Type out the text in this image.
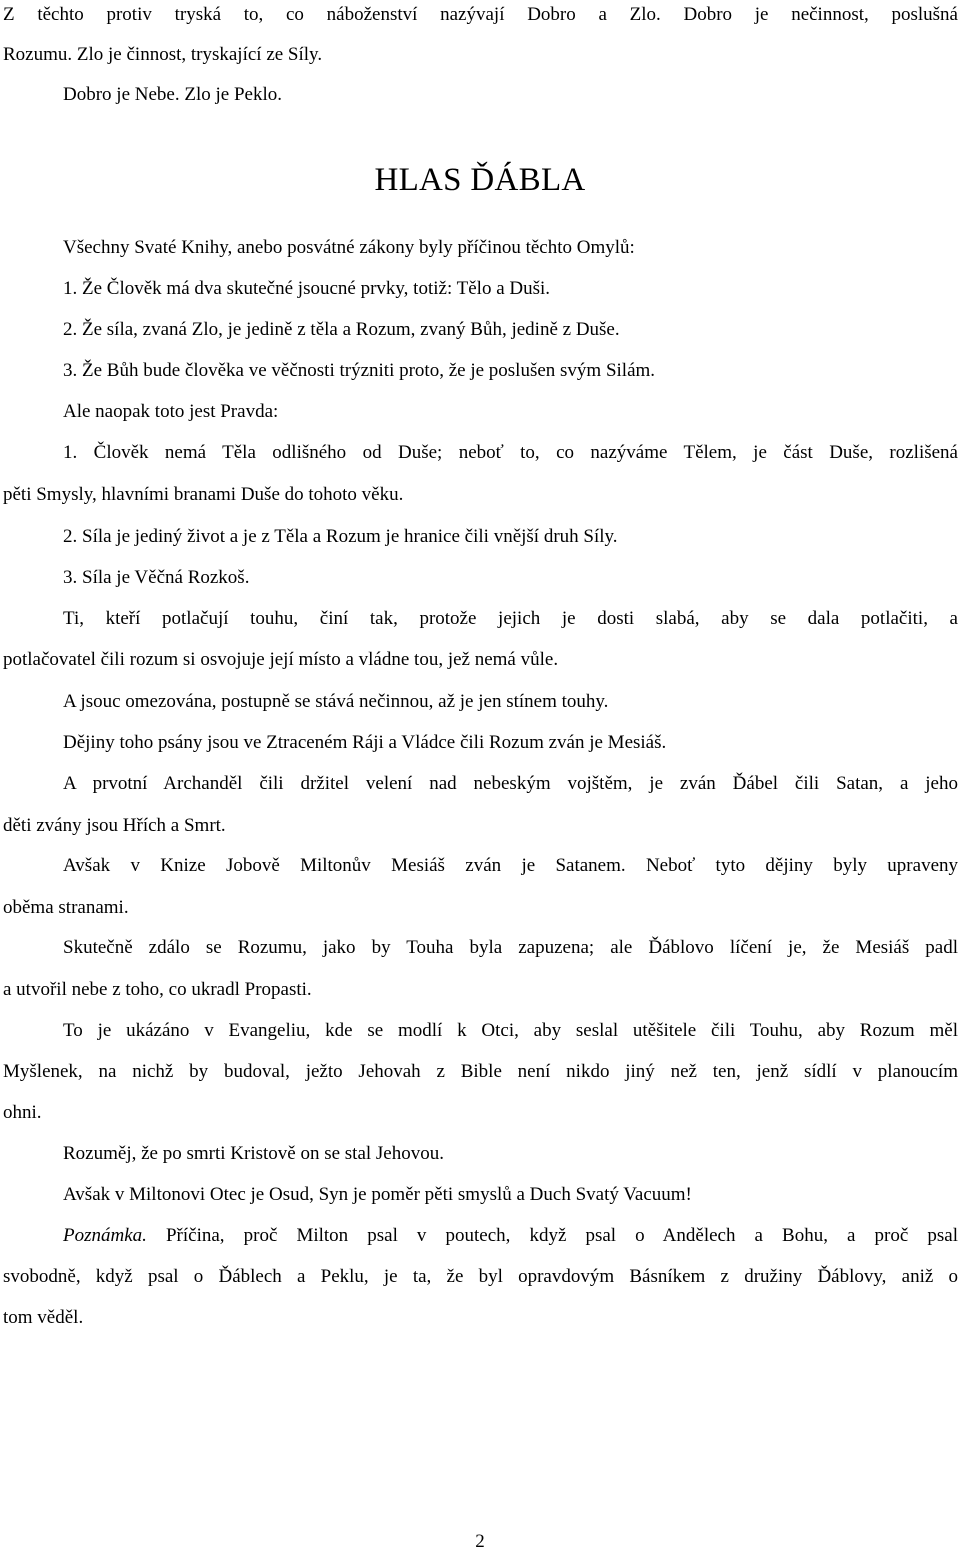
Z těchto protiv tryská to, co náboženství nazývají Dobro a Zlo. Dobro je nečinnost, poslušná
Rozumu. Zlo je činnost, tryskající ze Síly.
Dobro je Nebe. Zlo je Peklo.
HLAS ĎÁBLA
Všechny Svaté Knihy, anebo posvátné zákony byly příčinou těchto Omylů:
1. Že Člověk má dva skutečné jsoucné prvky, totiž: Tělo a Duši.
2. Že síla, zvaná Zlo, je jedině z těla a Rozum, zvaný Bůh, jedině z Duše.
3. Že Bůh bude člověka ve věčnosti trýzniti proto, že je poslušen svým Silám.
Ale naopak toto jest Pravda:
1. Člověk nemá Těla odlišného od Duše; neboť to, co nazýváme Tělem, je část Duše, rozlišená
pěti Smysly, hlavními branami Duše do tohoto věku.
2. Síla je jediný život a je z Těla a Rozum je hranice čili vnější druh Síly.
3. Síla je Věčná Rozkoš.
Ti, kteří potlačují touhu, činí tak, protože jejich je dosti slabá, aby se dala potlačiti, a
potlačovatel čili rozum si osvojuje její místo a vládne tou, jež nemá vůle.
A jsouc omezována, postupně se stává nečinnou, až je jen stínem touhy.
Dějiny toho psány jsou ve Ztraceném Ráji a Vládce čili Rozum zván je Mesiáš.
A prvotní Archanděl čili držitel velení nad nebeským vojštěm, je zván Ďábel čili Satan, a jeho
děti zvány jsou Hřích a Smrt.
Avšak v Knize Jobově Miltonův Mesiáš zván je Satanem. Neboť tyto dějiny byly upraveny
oběma stranami.
Skutečně zdálo se Rozumu, jako by Touha byla zapuzena; ale Ďáblovo líčení je, že Mesiáš padl
a utvořil nebe z toho, co ukradl Propasti.
To je ukázáno v Evangeliu, kde se modlí k Otci, aby seslal utěšitele čili Touhu, aby Rozum měl
Myšlenek, na nichž by budoval, ježto Jehovah z Bible není nikdo jiný než ten, jenž sídlí v planoucím
ohni.
Rozuměj, že po smrti Kristově on se stal Jehovou.
Avšak v Miltonovi Otec je Osud, Syn je poměr pěti smyslů a Duch Svatý Vacuum!
Poznámka. Příčina, proč Milton psal v poutech, když psal o Andělech a Bohu, a proč psal
svobodně, když psal o Ďáblech a Peklu, je ta, že byl opravdovým Básníkem z družiny Ďáblovy, aniž o
tom věděl.
2
